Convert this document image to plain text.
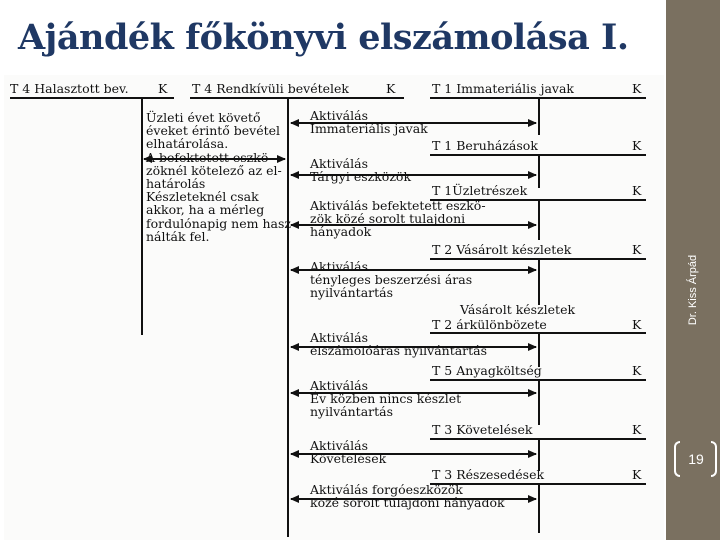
Ajándék főkönyvi elszámolása I.
Dr. Kiss Árpád
19
T 4 Halasztott bev. K T 4 Rendkívüli bevételek	K	T 1 Immateriális javak	K
T 1 Beruházások	K
T 1Üzletrészek	K
T 2 Vásárolt készletek	K
Vásárolt készletek
T 2 árkülönbözete	K
T 5 Anyagköltség	K
T 3 Követelések	K
T 3 Részesedések	K
Üzleti évet követő
éveket érintő bevétel
elhatárolása.
A befektetett eszkö-
zöknél kötelező az el-
határolás
Készleteknél csak
akkor, ha a mérleg
fordulónapig nem hasz-
nálták fel.
Aktiválás
Immateriális javak
Aktiválás
Tárgyi eszközök
Aktiválás befektetett eszkö-
zök közé sorolt tulajdoni
hányadok
Aktiválás
tényleges beszerzési áras
nyilvántartás
Aktiválás
elszámolóáras nyilvántartás
Aktiválás
Év közben nincs készlet
nyilvántartás
Aktiválás
Követelések
Aktiválás forgóeszközök
közé sorolt tulajdoni hányadok
